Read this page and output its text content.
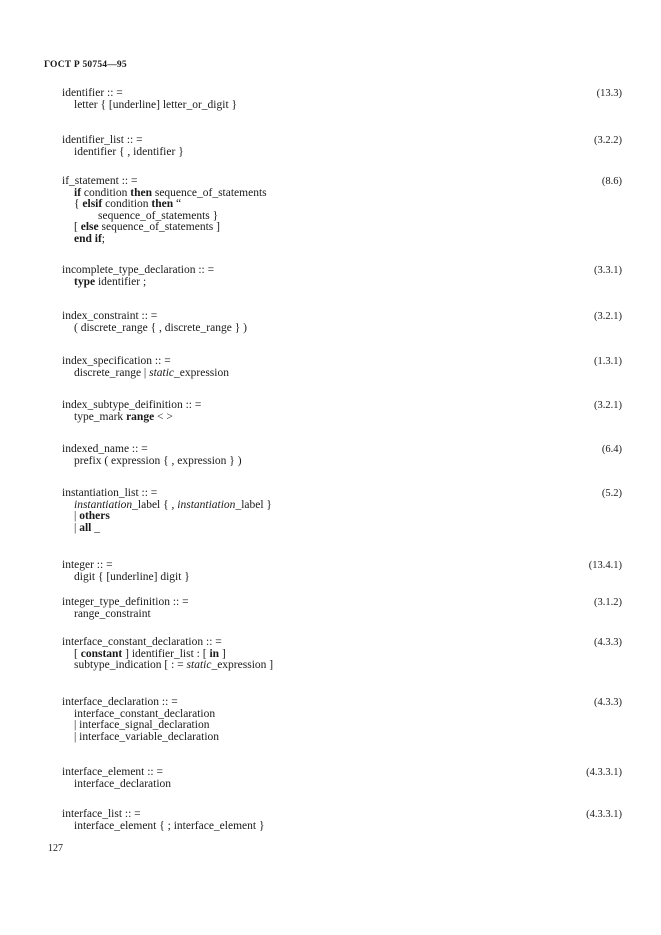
ГОСТ Р 50754—95
(13.3)
identifier :: =
letter { [underline] letter_or_digit }
(3.2.2)
identifier_list :: =
identifier { , identifier }
(8.6)
if_statement :: =
if condition then sequence_of_statements
{ elsif condition then “
sequence_of_statements }
[ else sequence_of_statements ]
end if;
(3.3.1)
incomplete_type_declaration :: =
type identifier ;
(3.2.1)
index_constraint :: =
( discrete_range { , discrete_range } )
(1.3.1)
index_specification :: =
discrete_range | static_expression
(3.2.1)
index_subtype_deifinition :: =
type_mark range < >
(6.4)
indexed_name :: =
prefix ( expression { , expression } )
(5.2)
instantiation_list :: =
instantiation_label { , instantiation_label }
| others
| all _
(13.4.1)
integer :: =
digit { [underline] digit }
(3.1.2)
integer_type_definition :: =
range_constraint
(4.3.3)
interface_constant_declaration :: =
[ constant ] identifier_list : [ in ]
subtype_indication [ : = static_expression ]
(4.3.3)
interface_declaration :: =
interface_constant_declaration
| interface_signal_declaration
| interface_variable_declaration
(4.3.3.1)
interface_element :: =
interface_declaration
(4.3.3.1)
interface_list :: =
interface_element { ; interface_element }
127
